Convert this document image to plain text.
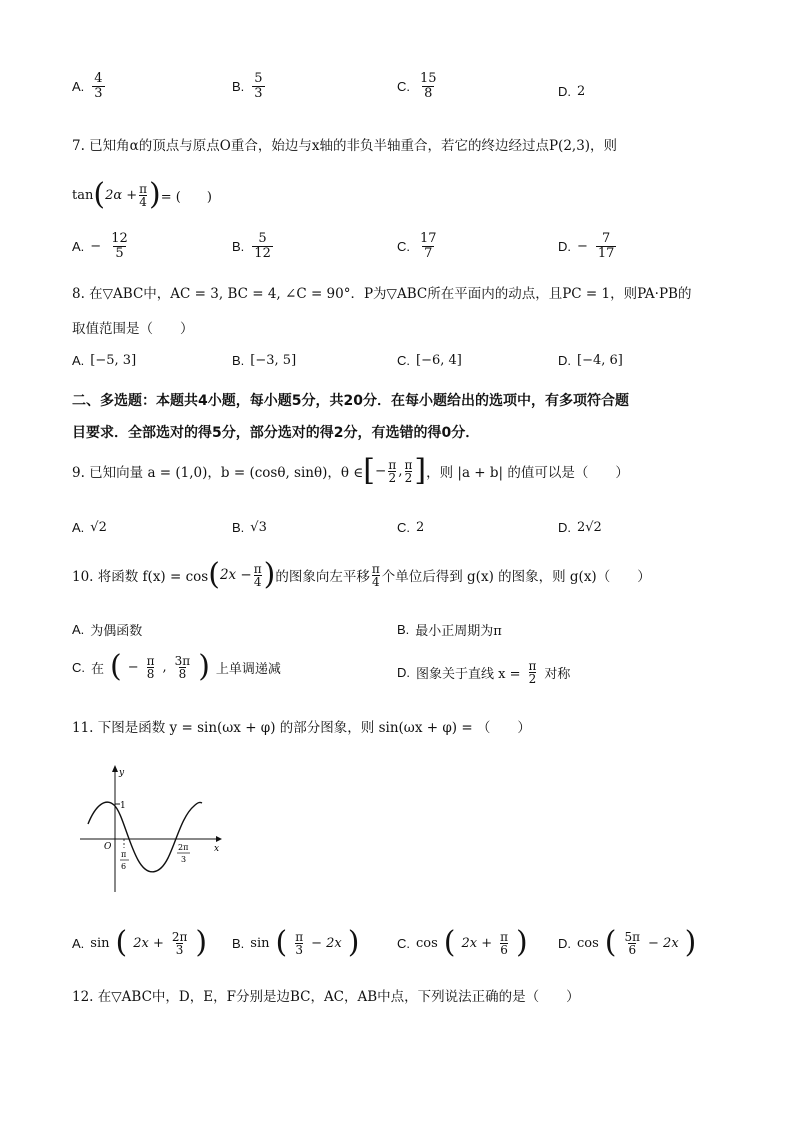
A. $\frac{4}{3}$	B. $\frac{5}{3}$	C. $\frac{15}{8}$	D. 2
7. 已知角α的顶点与原点O重合，始边与x轴的非负半轴重合，若它的终边经过点P(2,3)，则
tan ( $2\alpha + \frac{\pi}{4}$ ) = (　　)
A. − $\frac{12}{5}$	B. $\frac{5}{12}$	C. $\frac{17}{7}$	D. − $\frac{7}{17}$
8. 在▽ABC中，AC = 3, BC = 4, ∠C = 90°．P为▽ABC所在平面内的动点，且PC = 1，则PA·PB的
取值范围是（　　）
A. [−5, 3]	B. [−3, 5]	C. [−6, 4]	D. [−4, 6]
二、多选题：本题共4小题，每小题5分，共20分．在每小题给出的选项中，有多项符合题
目要求．全部选对的得5分，部分选对的得2分，有选错的得0分．
9. 已知向量 a = (1,0)，b = (cosθ, sinθ)，θ ∈ [ − $\frac{\pi}{2}$ , π
2 ] ，则 |a + b| 的值可以是（　　）
A. √2	B. √3	C. 2	D. 2√2
10. 将函数 f(x) = cos ( $2x - \frac{\pi}{4}$ ) 的图象向左平移
π
4 个单位后得到 g(x) 的图象，则 g(x)（　　）
A. 为偶函数	B. 最小正周期为π
C. 在 ( − $\frac{\pi}{8}$ , 3π
8 ) 上单调递减	D. 图象关于直线 $x = \frac{\pi}{2}$ 对称
11. 下图是函数 y = sin(ωx + φ) 的部分图象，则 sin(ωx + φ) = （　　）
y
x
O
1
π
6
2π
3
A. sin ( $2x + \frac{2\pi}{3}$ ) B. sin ( π
3 − 2x )	C. cos ( $2x + \frac{\pi}{6}$ ) D. cos ( 5π
6 − 2x )
12. 在▽ABC中，D，E，F分别是边BC，AC，AB中点，下列说法正确的是（　　）
